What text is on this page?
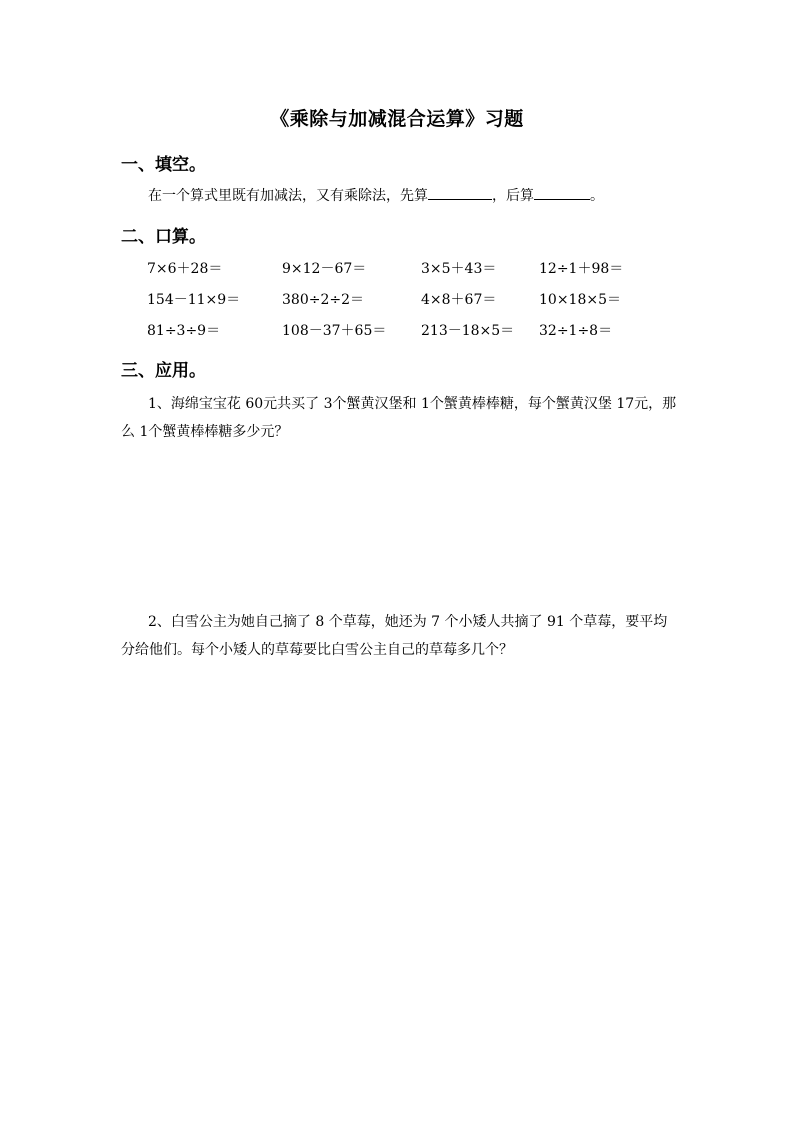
《乘除与加减混合运算》习题
一、填空。
在一个算式里既有加减法，又有乘除法，先算	，后算	。
二、口算。
7×6＋28＝	9×12－67＝	3×5＋43＝	12÷1＋98＝
154－11×9＝	380÷2÷2＝	4×8＋67＝	10×18×5＝
81÷3÷9＝	108－37＋65＝ 213－18×5＝ 32÷1÷8＝
三、应用。
1、海绵宝宝花 60元共买了 3个蟹黄汉堡和 1个蟹黄棒棒糖，每个蟹黄汉堡 17元，那么 1个蟹黄棒棒糖多少元？
2、白雪公主为她自己摘了 8 个草莓，她还为 7 个小矮人共摘了 91 个草莓，要平均分给他们。每个小矮人的草莓要比白雪公主自己的草莓多几个？
